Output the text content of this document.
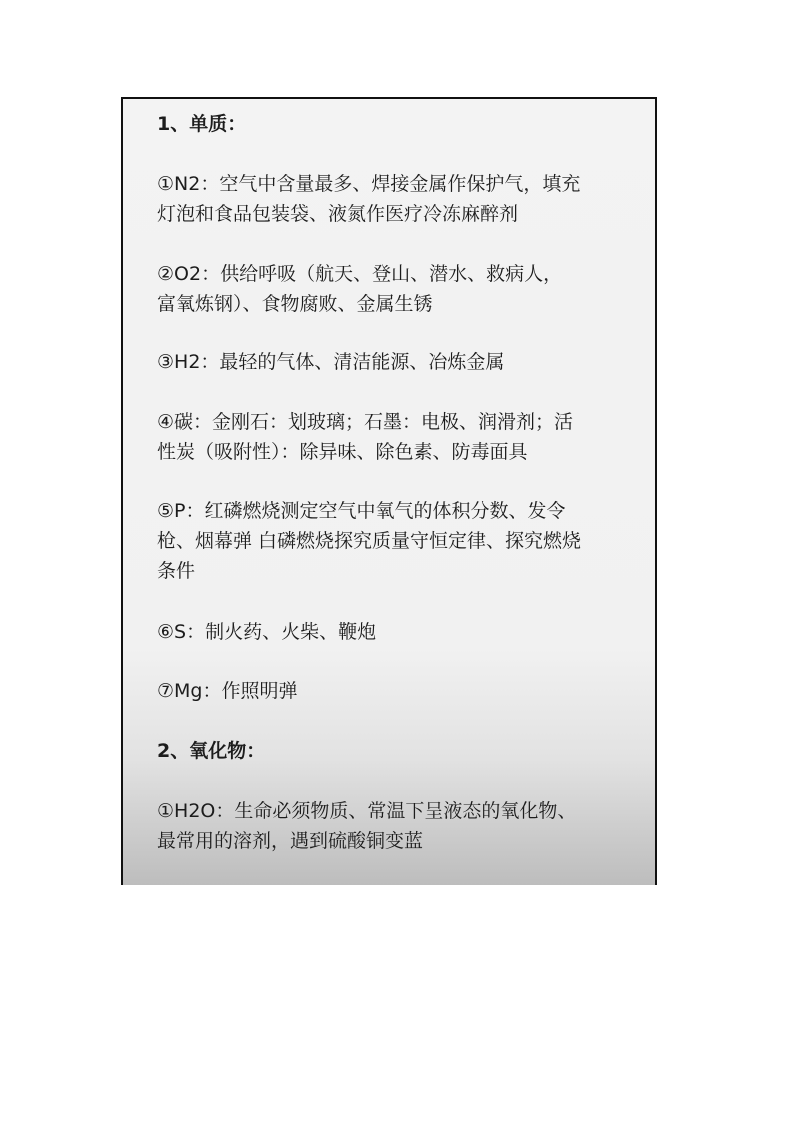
1、单质：
①N2：空气中含量最多、焊接金属作保护气，填充
灯泡和食品包装袋、液氮作医疗冷冻麻醉剂
②O2：供给呼吸（航天、登山、潜水、救病人，
富氧炼钢）、食物腐败、金属生锈
③H2：最轻的气体、清洁能源、冶炼金属
④碳：金刚石：划玻璃；石墨：电极、润滑剂；活
性炭（吸附性）：除异味、除色素、防毒面具
⑤P：红磷燃烧测定空气中氧气的体积分数、发令
枪、烟幕弹 白磷燃烧探究质量守恒定律、探究燃烧
条件
⑥S：制火药、火柴、鞭炮
⑦Mg：作照明弹
2、氧化物：
①H2O：生命必须物质、常温下呈液态的氧化物、
最常用的溶剂，遇到硫酸铜变蓝
